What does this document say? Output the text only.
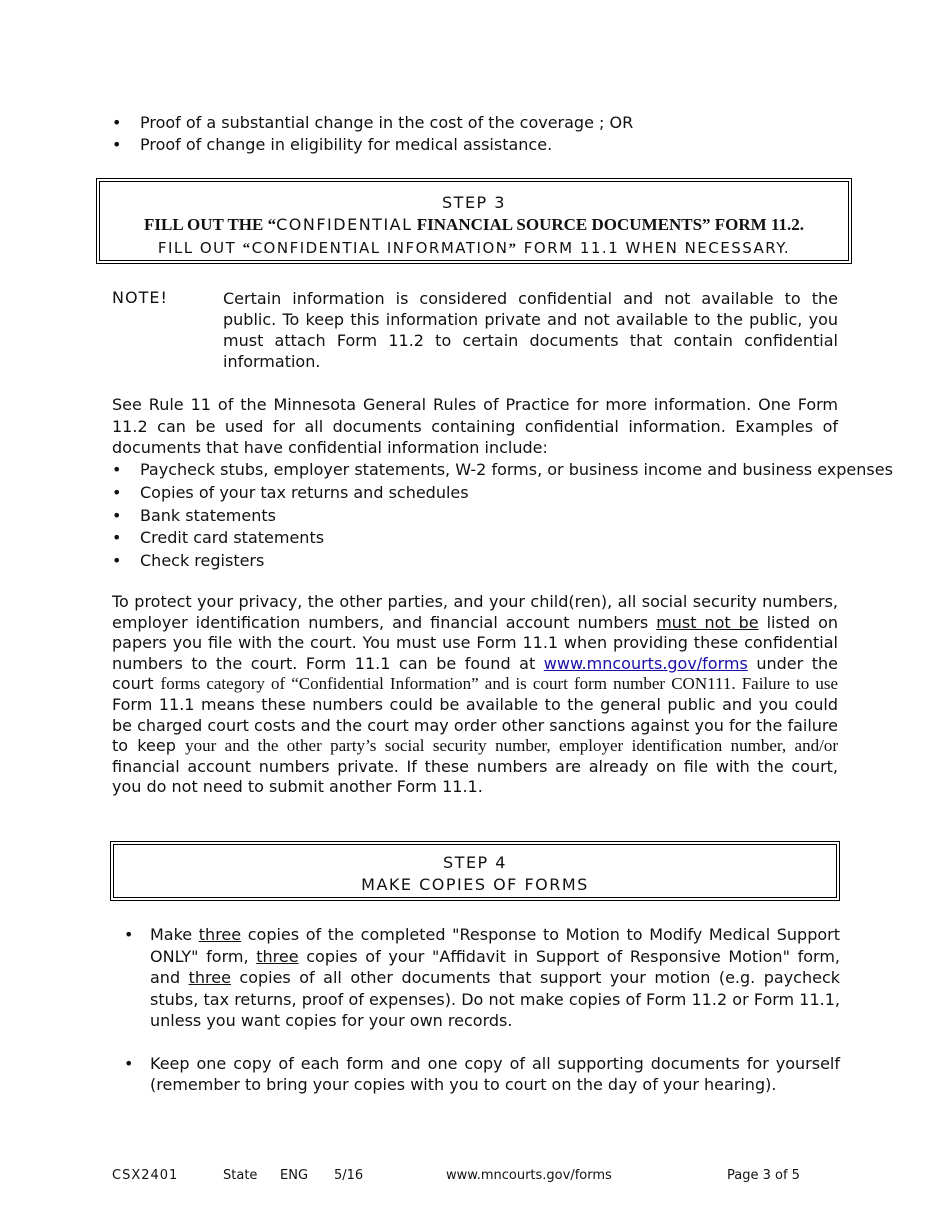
• Proof of a substantial change in the cost of the coverage ; OR
• Proof of change in eligibility for medical assistance.
STEP 3
FILL OUT THE “CONFIDENTIAL FINANCIAL SOURCE DOCUMENTS” FORM 11.2.
FILL OUT “CONFIDENTIAL INFORMATION” FORM 11.1 WHEN NECESSARY.
NOTE!	Certain information is considered confidential and not available to the public. To keep this information private and not available to the public, you must attach Form 11.2 to certain documents that contain confidential information.

See Rule 11 of the Minnesota General Rules of Practice for more information. One Form 11.2 can be used for all documents containing confidential information. Examples of documents that have confidential information include:

• Paycheck stubs, employer statements, W-2 forms, or business income and business expenses
• Copies of your tax returns and schedules
• Bank statements
• Credit card statements
• Check registers

To protect your privacy, the other parties, and your child(ren), all social security numbers, employer identification numbers, and financial account numbers must not be listed on papers you file with the court. You must use Form 11.1 when providing these confidential numbers to the court. Form 11.1 can be found at www.mncourts.gov/forms under the court forms category of “Confidential Information” and is court form number CON111. Failure to use Form 11.1 means these numbers could be available to the general public and you could be charged court costs and the court may order other sanctions against you for the failure to keep your and the other party’s social security number, employer identification number, and/or financial account numbers private. If these numbers are already on file with the court, you do not need to submit another Form 11.1.

STEP 4
MAKE COPIES OF FORMS
• Make three copies of the completed "Response to Motion to Modify Medical Support ONLY" form, three copies of your "Affidavit in Support of Responsive Motion" form, and three copies of all other documents that support your motion (e.g. paycheck stubs, tax returns, proof of expenses). Do not make copies of Form 11.2 or Form 11.1, unless you want copies for your own records.
• Keep one copy of each form and one copy of all supporting documents for yourself (remember to bring your copies with you to court on the day of your hearing).
CSX2401	State ENG 5/16	www.mncourts.gov/forms	Page 3 of 5
